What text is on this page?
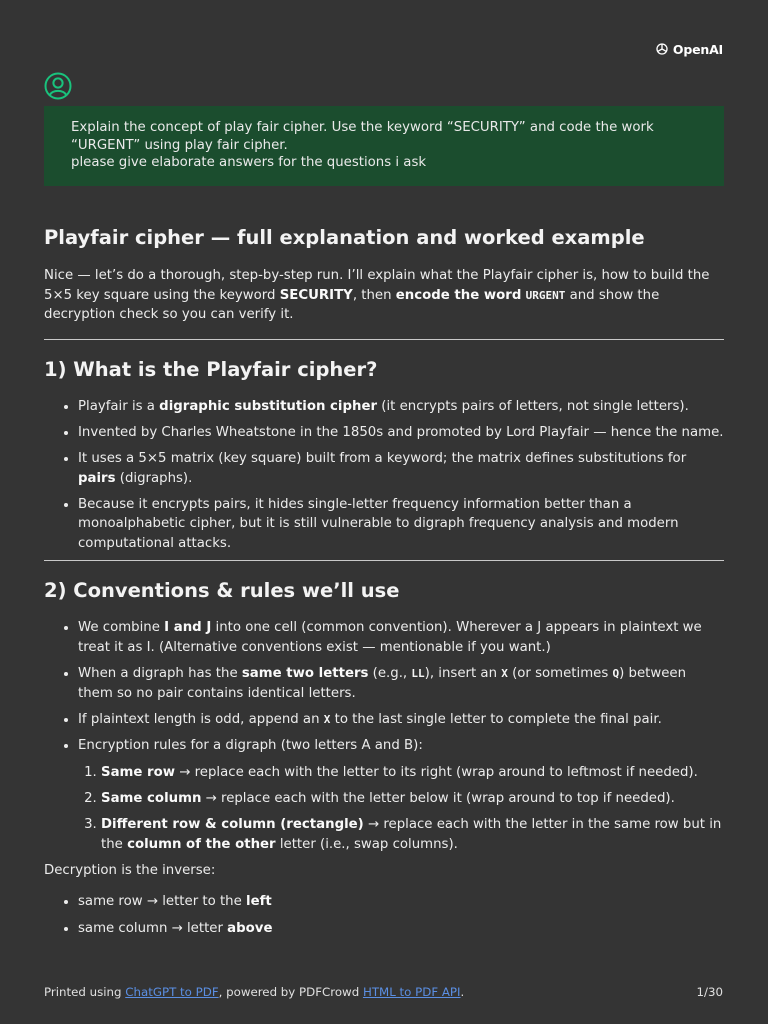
OpenAI
Explain the concept of play fair cipher. Use the keyword “SECURITY” and code the work “URGENT” using play fair cipher.
please give elaborate answers for the questions i ask
Playfair cipher — full explanation and worked example

Nice — let’s do a thorough, step-by-step run. I’ll explain what the Playfair cipher is, how to build the 5×5 key square using the keyword SECURITY, then encode the word URGENT and show the decryption check so you can verify it.

1) What is the Playfair cipher?
• Playfair is a digraphic substitution cipher (it encrypts pairs of letters, not single letters).
• Invented by Charles Wheatstone in the 1850s and promoted by Lord Playfair — hence the name.
• It uses a 5×5 matrix (key square) built from a keyword; the matrix defines substitutions for pairs (digraphs).
• Because it encrypts pairs, it hides single-letter frequency information better than a monoalphabetic cipher, but it is still vulnerable to digraph frequency analysis and modern computational attacks.
2) Conventions & rules we’ll use
• We combine I and J into one cell (common convention). Wherever a J appears in plaintext we treat it as I. (Alternative conventions exist — mentionable if you want.)
• When a digraph has the same two letters (e.g., LL), insert an X (or sometimes Q) between them so no pair contains identical letters.
• If plaintext length is odd, append an X to the last single letter to complete the final pair.
• Encryption rules for a digraph (two letters A and B):
1. Same row → replace each with the letter to its right (wrap around to leftmost if needed).
2. Same column → replace each with the letter below it (wrap around to top if needed).
3. Different row & column (rectangle) → replace each with the letter in the same row but in the column of the other letter (i.e., swap columns).

Decryption is the inverse:

• same row → letter to the left
• same column → letter above
Printed using ChatGPT to PDF, powered by PDFCrowd HTML to PDF API.	1/30
